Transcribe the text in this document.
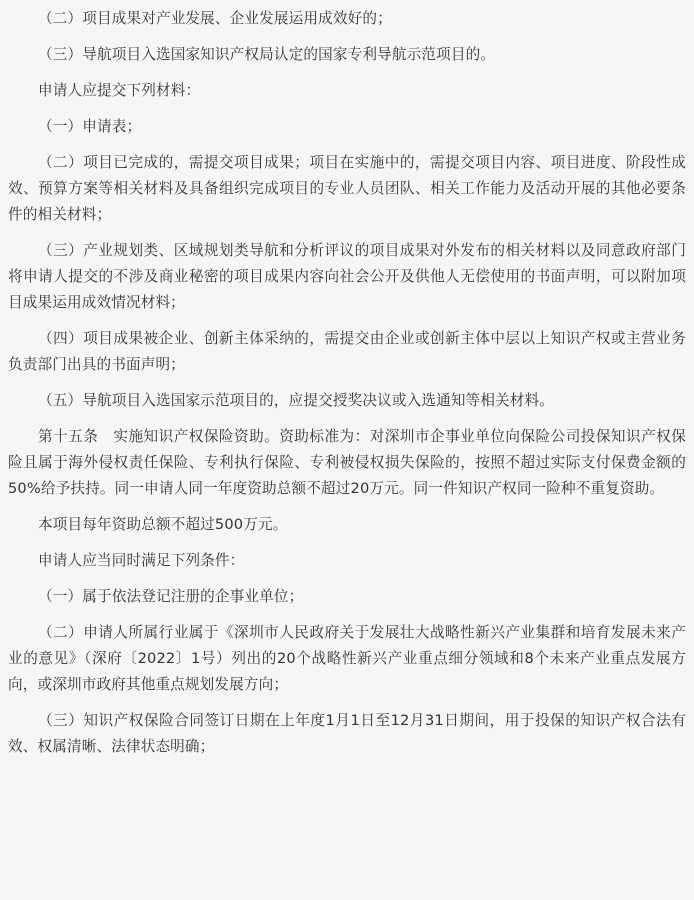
（二）项目成果对产业发展、企业发展运用成效好的；

（三）导航项目入选国家知识产权局认定的国家专利导航示范项目的。

申请人应提交下列材料：

（一）申请表；

（二）项目已完成的，需提交项目成果；项目在实施中的，需提交项目内容、项目进度、阶段性成效、预算方案等相关材料及具备组织完成项目的专业人员团队、相关工作能力及活动开展的其他必要条件的相关材料；

（三）产业规划类、区域规划类导航和分析评议的项目成果对外发布的相关材料以及同意政府部门将申请人提交的不涉及商业秘密的项目成果内容向社会公开及供他人无偿使用的书面声明，可以附加项目成果运用成效情况材料；

（四）项目成果被企业、创新主体采纳的，需提交由企业或创新主体中层以上知识产权或主营业务负责部门出具的书面声明；

（五）导航项目入选国家示范项目的，应提交授奖决议或入选通知等相关材料。

第十五条　实施知识产权保险资助。资助标准为：对深圳市企事业单位向保险公司投保知识产权保险且属于海外侵权责任保险、专利执行保险、专利被侵权损失保险的，按照不超过实际支付保费金额的50%给予扶持。同一申请人同一年度资助总额不超过20万元。同一件知识产权同一险种不重复资助。

本项目每年资助总额不超过500万元。

申请人应当同时满足下列条件：

（一）属于依法登记注册的企事业单位；

（二）申请人所属行业属于《深圳市人民政府关于发展壮大战略性新兴产业集群和培育发展未来产业的意见》（深府〔2022〕1号）列出的20个战略性新兴产业重点细分领域和8个未来产业重点发展方向，或深圳市政府其他重点规划发展方向；

（三）知识产权保险合同签订日期在上年度1月1日至12月31日期间，用于投保的知识产权合法有效、权属清晰、法律状态明确；
